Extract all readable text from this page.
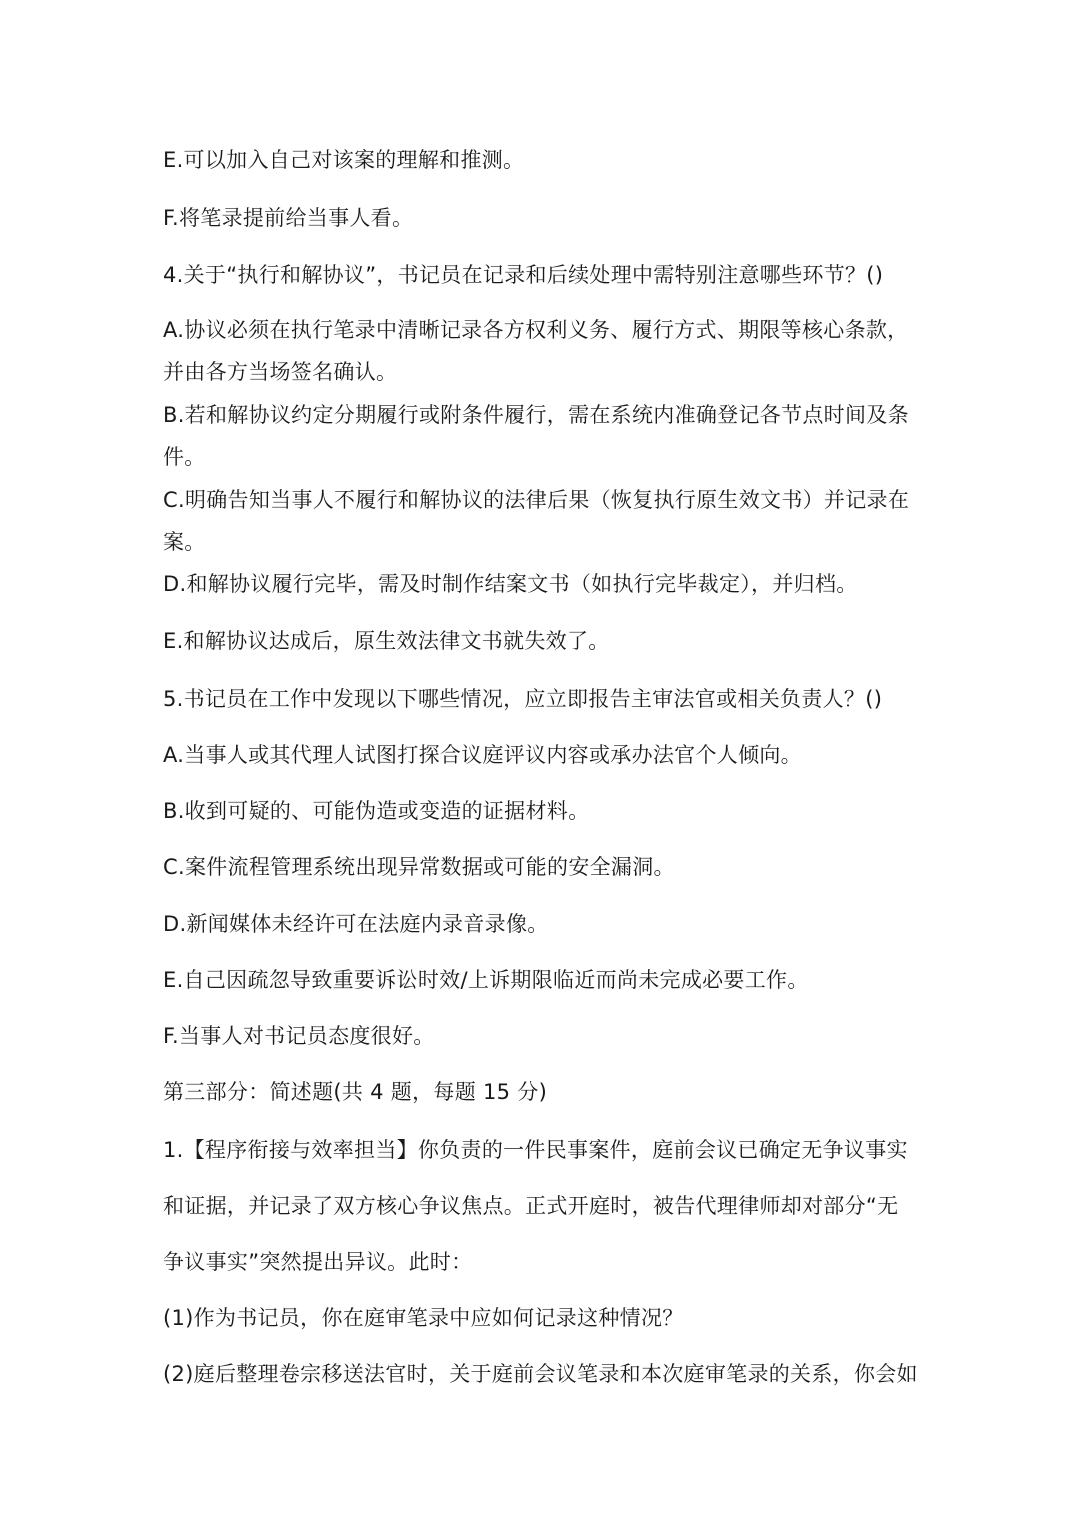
E.可以加入自己对该案的理解和推测。
F.将笔录提前给当事人看。
4.关于“执行和解协议”，书记员在记录和后续处理中需特别注意哪些环节？()
A.协议必须在执行笔录中清晰记录各方权利义务、履行方式、期限等核心条款，
并由各方当场签名确认。
B.若和解协议约定分期履行或附条件履行，需在系统内准确登记各节点时间及条
件。
C.明确告知当事人不履行和解协议的法律后果（恢复执行原生效文书）并记录在
案。
D.和解协议履行完毕，需及时制作结案文书（如执行完毕裁定），并归档。
E.和解协议达成后，原生效法律文书就失效了。
5.书记员在工作中发现以下哪些情况，应立即报告主审法官或相关负责人？()
A.当事人或其代理人试图打探合议庭评议内容或承办法官个人倾向。
B.收到可疑的、可能伪造或变造的证据材料。
C.案件流程管理系统出现异常数据或可能的安全漏洞。
D.新闻媒体未经许可在法庭内录音录像。
E.自己因疏忽导致重要诉讼时效/上诉期限临近而尚未完成必要工作。
F.当事人对书记员态度很好。
第三部分：简述题(共 4 题，每题 15 分)
1.【程序衔接与效率担当】你负责的一件民事案件，庭前会议已确定无争议事实
和证据，并记录了双方核心争议焦点。正式开庭时，被告代理律师却对部分“无
争议事实”突然提出异议。此时：
(1)作为书记员，你在庭审笔录中应如何记录这种情况？
(2)庭后整理卷宗移送法官时，关于庭前会议笔录和本次庭审笔录的关系，你会如
